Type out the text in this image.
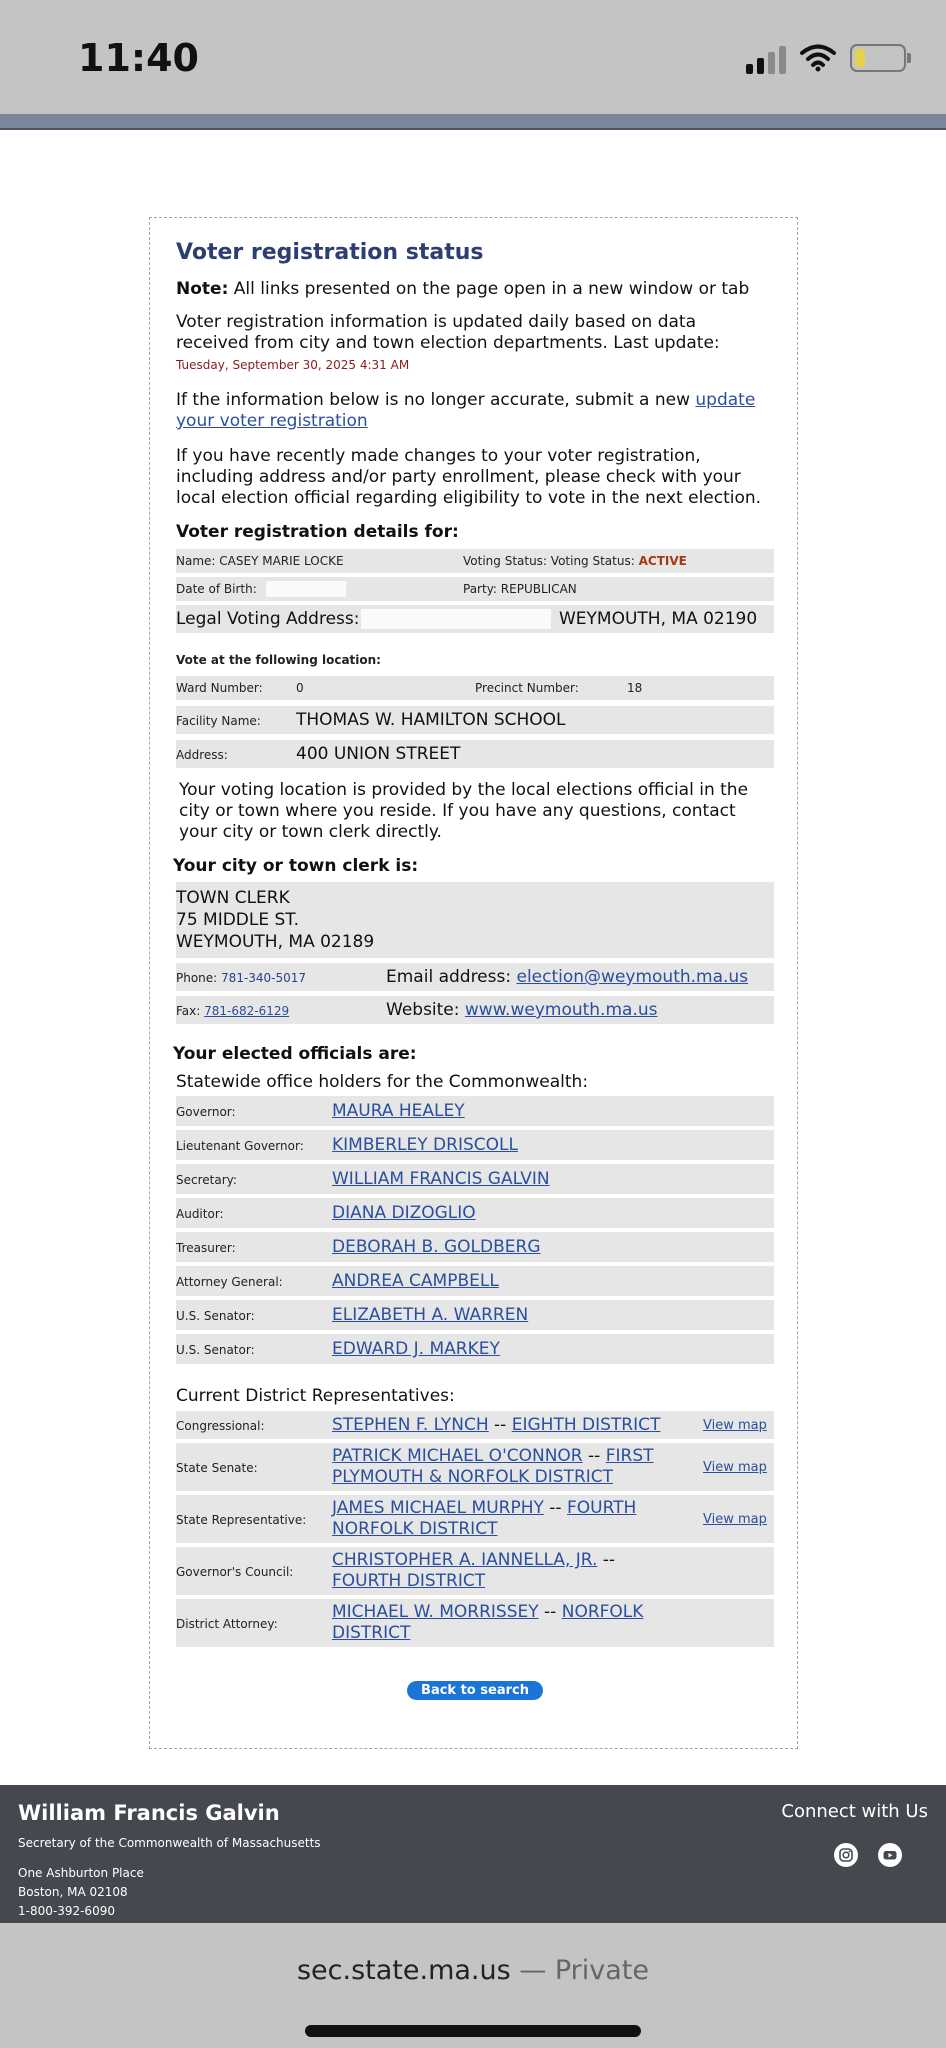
11:40
Voter registration status

Note: All links presented on the page open in a new window or tab

Voter registration information is updated daily based on data received from city and town election departments. Last update: Tuesday, September 30, 2025 4:31 AM

If the information below is no longer accurate, submit a new update your voter registration

If you have recently made changes to your voter registration, including address and/or party enrollment, please check with your local election official regarding eligibility to vote in the next election.

Voter registration details for:

Name: CASEY MARIE LOCKE	Voting Status: Voting Status: ACTIVE
Date of Birth:	Party: REPUBLICAN
Legal Voting Address:	WEYMOUTH, MA 02190

Vote at the following location:

Ward Number:	0	Precinct Number:	18
Facility Name: THOMAS W. HAMILTON SCHOOL
Address:	400 UNION STREET

Your voting location is provided by the local elections official in the city or town where you reside. If you have any questions, contact your city or town clerk directly.

Your city or town clerk is:

TOWN CLERK
75 MIDDLE ST.
WEYMOUTH, MA 02189
Phone: 781-340-5017	Email address: election@weymouth.ma.us
Fax: 781-682-6129	Website: www.weymouth.ma.us

Your elected officials are:

Statewide office holders for the Commonwealth:

Governor:	MAURA HEALEY
Lieutenant Governor: KIMBERLEY DRISCOLL
Secretary:	WILLIAM FRANCIS GALVIN
Auditor:	DIANA DIZOGLIO
Treasurer:	DEBORAH B. GOLDBERG
Attorney General:	ANDREA CAMPBELL
U.S. Senator:	ELIZABETH A. WARREN
U.S. Senator:	EDWARD J. MARKEY

Current District Representatives:

Congressional:	STEPHEN F. LYNCH -- EIGHTH DISTRICT	View map
State Senate:
PATRICK MICHAEL O'CONNOR -- FIRST PLYMOUTH & NORFOLK DISTRICT	View map
State Representative:
JAMES MICHAEL MURPHY -- FOURTH NORFOLK DISTRICT	View map
Governor's Council:
CHRISTOPHER A. IANNELLA, JR. -- FOURTH DISTRICT
District Attorney:
MICHAEL W. MORRISSEY -- NORFOLK DISTRICT
Back to search
William Francis Galvin
Secretary of the Commonwealth of Massachusetts
One Ashburton Place
Boston, MA 02108
1-800-392-6090
Connect with Us
sec.state.ma.us — Private
